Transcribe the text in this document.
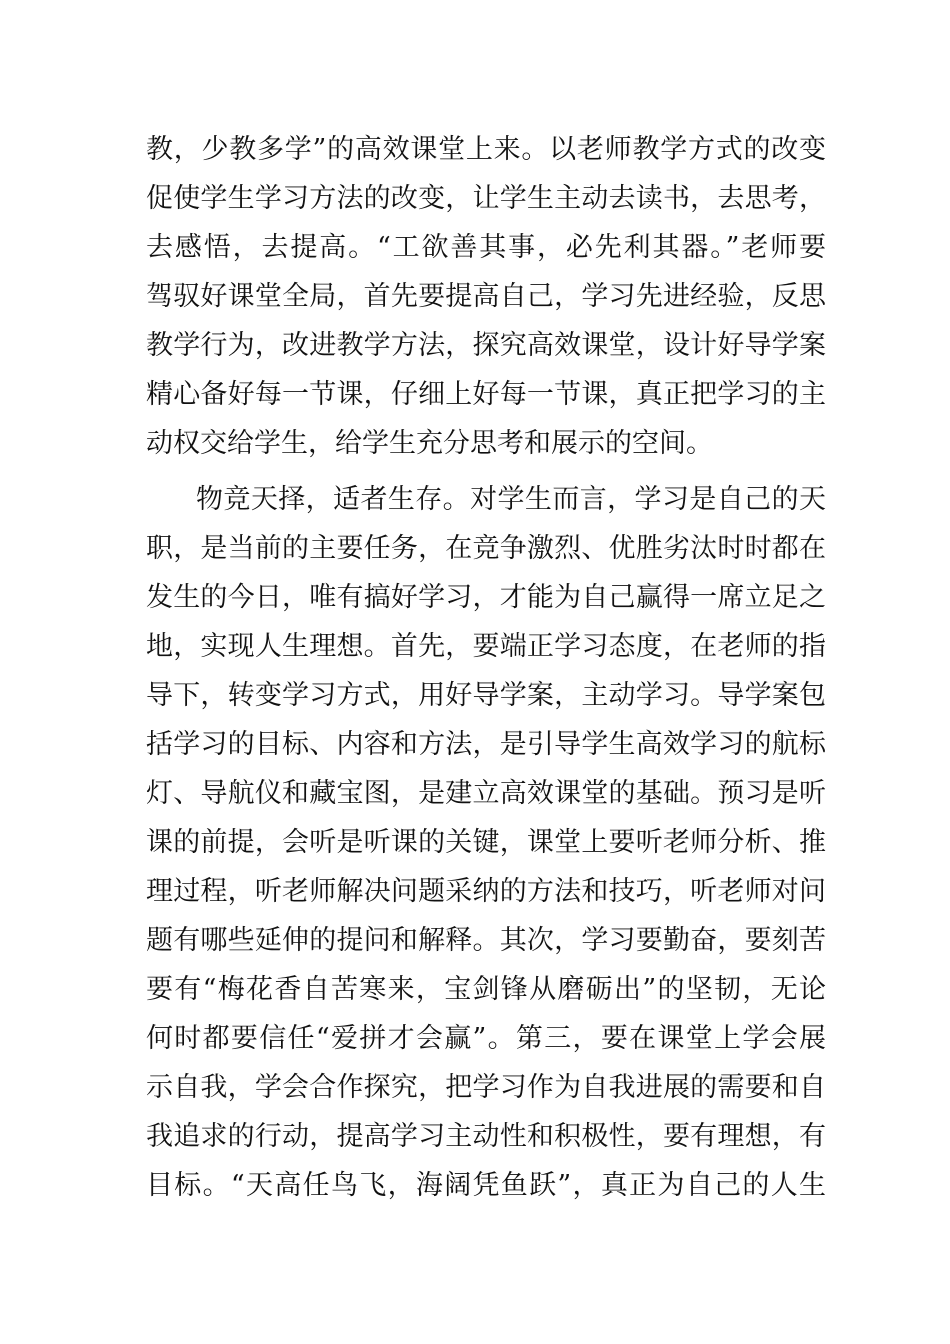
教，少教多学”的高效课堂上来。以老师教学方式的改变
促使学生学习方法的改变，让学生主动去读书，去思考，
去感悟，去提高。“工欲善其事，必先利其器。”老师要
驾驭好课堂全局，首先要提高自己，学习先进经验，反思
教学行为，改进教学方法，探究高效课堂，设计好导学案
精心备好每一节课，仔细上好每一节课，真正把学习的主
动权交给学生，给学生充分思考和展示的空间。
物竞天择，适者生存。对学生而言，学习是自己的天
职，是当前的主要任务，在竞争激烈、优胜劣汰时时都在
发生的今日，唯有搞好学习，才能为自己赢得一席立足之
地，实现人生理想。首先，要端正学习态度，在老师的指
导下，转变学习方式，用好导学案，主动学习。导学案包
括学习的目标、内容和方法，是引导学生高效学习的航标
灯、导航仪和藏宝图，是建立高效课堂的基础。预习是听
课的前提，会听是听课的关键，课堂上要听老师分析、推
理过程，听老师解决问题采纳的方法和技巧，听老师对问
题有哪些延伸的提问和解释。其次，学习要勤奋，要刻苦
要有“梅花香自苦寒来，宝剑锋从磨砺出”的坚韧，无论
何时都要信任“爱拼才会赢”。第三，要在课堂上学会展
示自我，学会合作探究，把学习作为自我进展的需要和自
我追求的行动，提高学习主动性和积极性，要有理想，有
目标。“天高任鸟飞，海阔凭鱼跃”，真正为自己的人生
